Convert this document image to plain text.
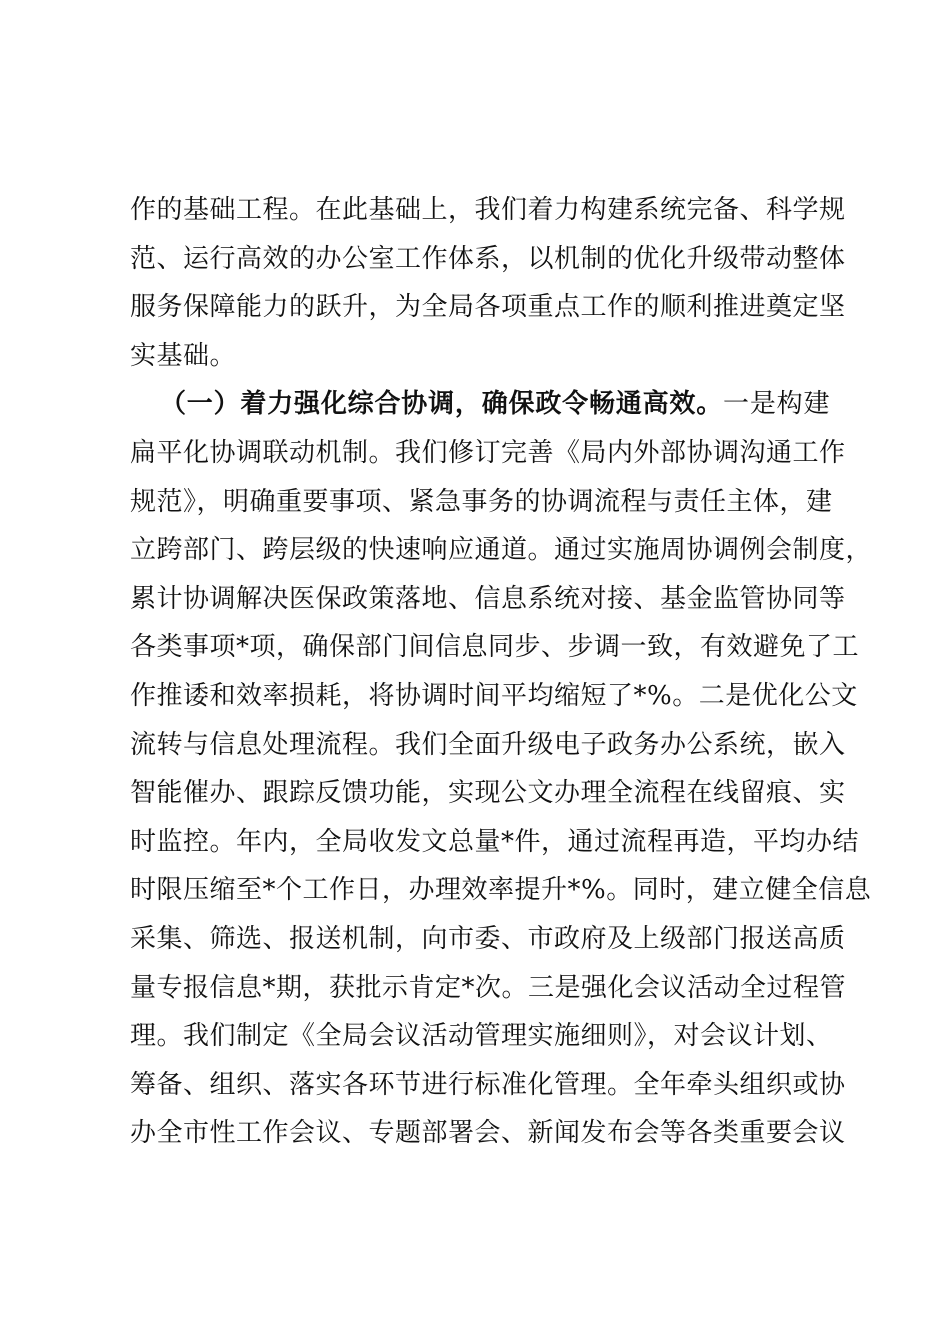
作的基础工程。在此基础上，我们着力构建系统完备、科学规
范、运行高效的办公室工作体系，以机制的优化升级带动整体
服务保障能力的跃升，为全局各项重点工作的顺利推进奠定坚
实基础。
（一）着力强化综合协调，确保政令畅通高效。一是构建
扁平化协调联动机制。我们修订完善《局内外部协调沟通工作
规范》，明确重要事项、紧急事务的协调流程与责任主体，建
立跨部门、跨层级的快速响应通道。通过实施周协调例会制度，
累计协调解决医保政策落地、信息系统对接、基金监管协同等
各类事项*项，确保部门间信息同步、步调一致，有效避免了工
作推诿和效率损耗，将协调时间平均缩短了*%。二是优化公文
流转与信息处理流程。我们全面升级电子政务办公系统，嵌入
智能催办、跟踪反馈功能，实现公文办理全流程在线留痕、实
时监控。年内，全局收发文总量*件，通过流程再造，平均办结
时限压缩至*个工作日，办理效率提升*%。同时，建立健全信息
采集、筛选、报送机制，向市委、市政府及上级部门报送高质
量专报信息*期，获批示肯定*次。三是强化会议活动全过程管
理。我们制定《全局会议活动管理实施细则》，对会议计划、
筹备、组织、落实各环节进行标准化管理。全年牵头组织或协
办全市性工作会议、专题部署会、新闻发布会等各类重要会议
